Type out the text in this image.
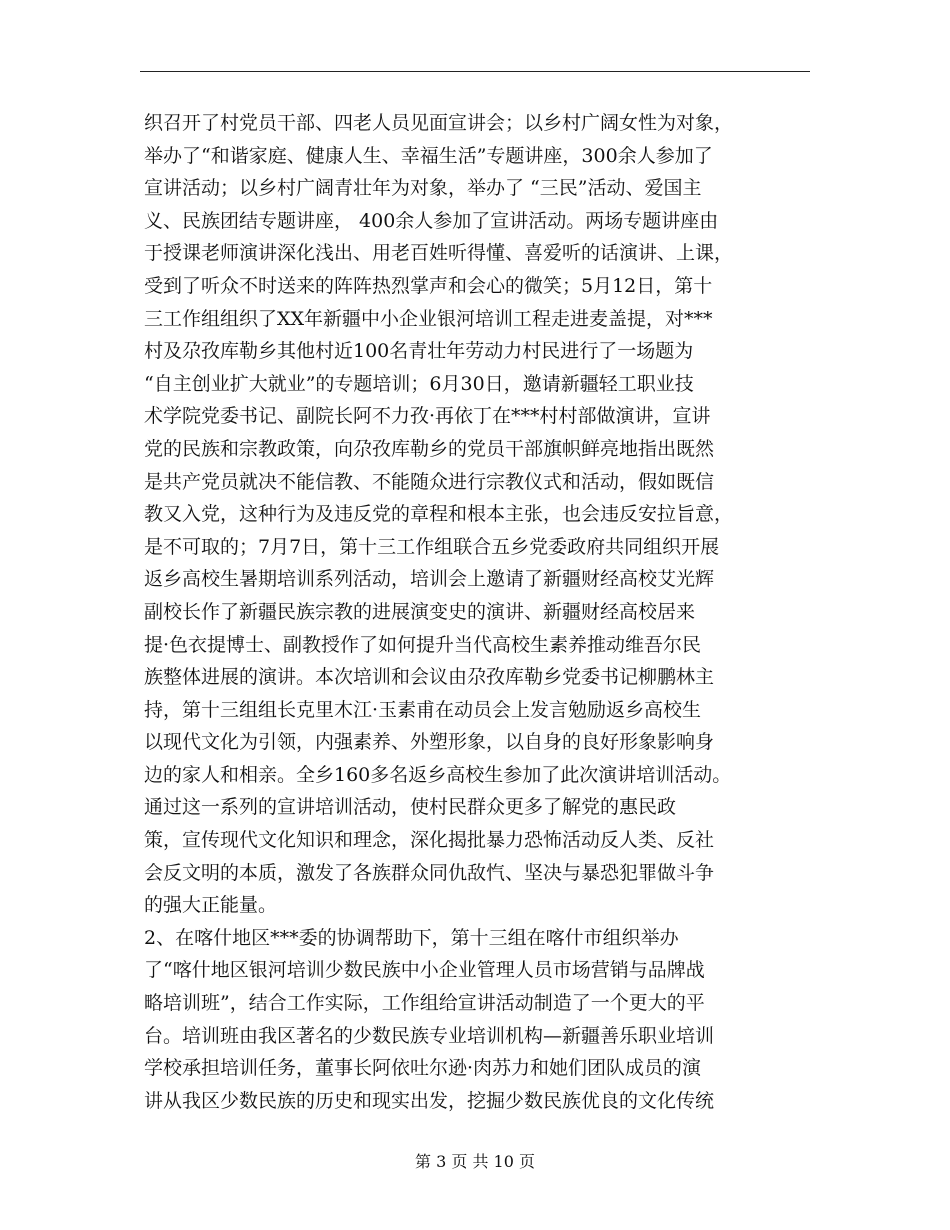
织召开了村党员干部、四老人员见面宣讲会；以乡村广阔女性为对象，
举办了“和谐家庭、健康人生、幸福生活”专题讲座，300余人参加了
宣讲活动；以乡村广阔青壮年为对象，举办了 “三民”活动、爱国主
义、民族团结专题讲座， 400余人参加了宣讲活动。两场专题讲座由
于授课老师演讲深化浅出、用老百姓听得懂、喜爱听的话演讲、上课，
受到了听众不时送来的阵阵热烈掌声和会心的微笑；5月12日，第十
三工作组组织了XX年新疆中小企业银河培训工程走进麦盖提，对***
村及尕孜库勒乡其他村近100名青壮年劳动力村民进行了一场题为
“自主创业扩大就业”的专题培训；6月30日，邀请新疆轻工职业技
术学院党委书记、副院长阿不力孜·再依丁在***村村部做演讲，宣讲
党的民族和宗教政策，向尕孜库勒乡的党员干部旗帜鲜亮地指出既然
是共产党员就决不能信教、不能随众进行宗教仪式和活动，假如既信
教又入党，这种行为及违反党的章程和根本主张，也会违反安拉旨意，
是不可取的；7月7日，第十三工作组联合五乡党委政府共同组织开展
返乡高校生暑期培训系列活动，培训会上邀请了新疆财经高校艾光辉
副校长作了新疆民族宗教的进展演变史的演讲、新疆财经高校居来
提·色衣提博士、副教授作了如何提升当代高校生素养推动维吾尔民
族整体进展的演讲。本次培训和会议由尕孜库勒乡党委书记柳鹏林主
持，第十三组组长克里木江·玉素甫在动员会上发言勉励返乡高校生
以现代文化为引领，内强素养、外塑形象，以自身的良好形象影响身
边的家人和相亲。全乡160多名返乡高校生参加了此次演讲培训活动。
通过这一系列的宣讲培训活动，使村民群众更多了解党的惠民政
策，宣传现代文化知识和理念，深化揭批暴力恐怖活动反人类、反社
会反文明的本质，激发了各族群众同仇敌忾、坚决与暴恐犯罪做斗争
的强大正能量。
2、在喀什地区***委的协调帮助下，第十三组在喀什市组织举办
了“喀什地区银河培训少数民族中小企业管理人员市场营销与品牌战
略培训班”，结合工作实际，工作组给宣讲活动制造了一个更大的平
台。培训班由我区著名的少数民族专业培训机构—新疆善乐职业培训
学校承担培训任务，董事长阿依吐尔逊·肉苏力和她们团队成员的演
讲从我区少数民族的历史和现实出发，挖掘少数民族优良的文化传统
第 3 页 共 10 页
